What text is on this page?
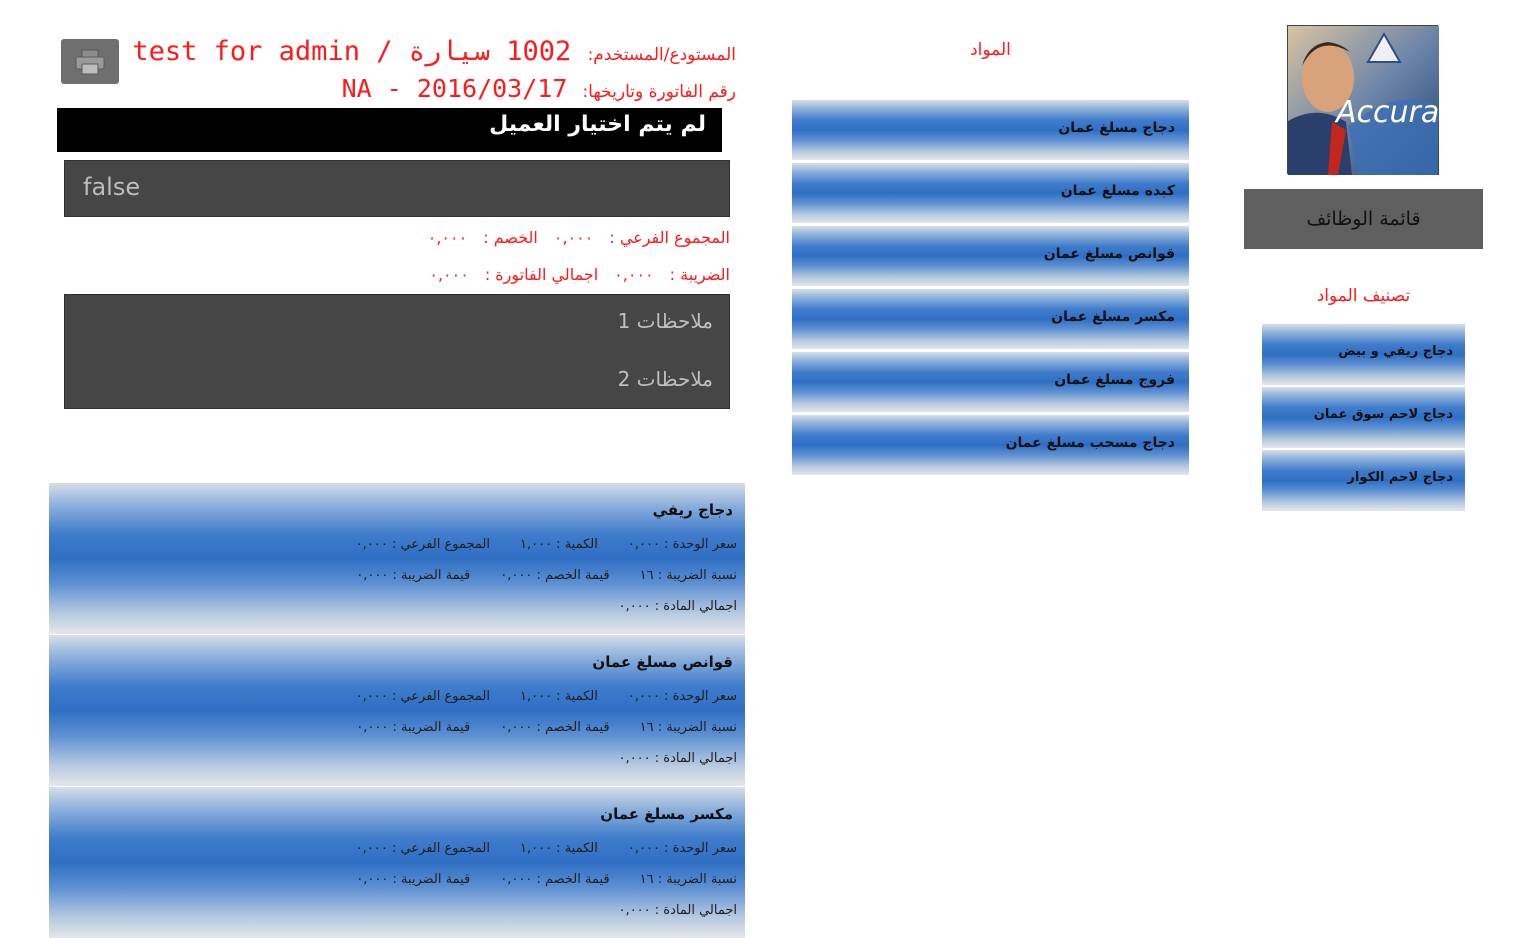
المستودع/المستخدم: 1002 سيارة / test for admin
رقم الفاتورة وتاريخها: 2016/03/17 - NA
لم يتم اختيار العميل
false
المجموع الفرعي :٠,٠٠٠الخصم :٠,٠٠٠
الضريبة :٠,٠٠٠اجمالي الفاتورة :٠,٠٠٠
ملاحظات 1
ملاحظات 2
دجاج ريفي
سعر الوحدة : ٠,٠٠٠الكمية : ١,٠٠٠المجموع الفرعي : ٠,٠٠٠
نسبة الضريبة : ١٦قيمة الخصم : ٠,٠٠٠قيمة الضريبة : ٠,٠٠٠
اجمالي المادة : ٠,٠٠٠
قوانص مسلغ عمان
سعر الوحدة : ٠,٠٠٠الكمية : ١,٠٠٠المجموع الفرعي : ٠,٠٠٠
نسبة الضريبة : ١٦قيمة الخصم : ٠,٠٠٠قيمة الضريبة : ٠,٠٠٠
اجمالي المادة : ٠,٠٠٠
مكسر مسلغ عمان
سعر الوحدة : ٠,٠٠٠الكمية : ١,٠٠٠المجموع الفرعي : ٠,٠٠٠
نسبة الضريبة : ١٦قيمة الخصم : ٠,٠٠٠قيمة الضريبة : ٠,٠٠٠
اجمالي المادة : ٠,٠٠٠
المواد
دجاج مسلغ عمان
كبده مسلغ عمان
قوانص مسلغ عمان
مكسر مسلغ عمان
فروج مسلغ عمان
دجاج مسحب مسلغ عمان
Accura
قائمة الوظائف
تصنيف المواد
دجاج ريفي و بيض
دجاج لاحم سوق عمان
دجاج لاحم الكوار
